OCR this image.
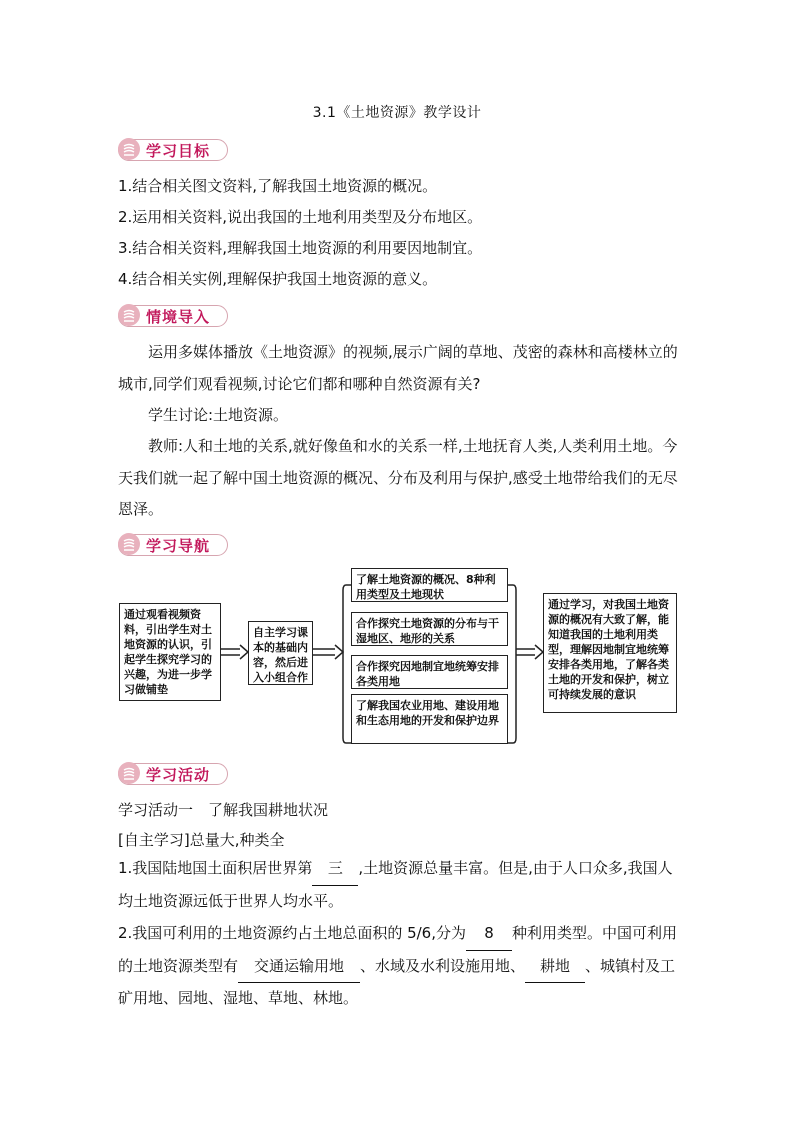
3.1《土地资源》教学设计
学习目标
1.结合相关图文资料,了解我国土地资源的概况。
2.运用相关资料,说出我国的土地利用类型及分布地区。
3.结合相关资料,理解我国土地资源的利用要因地制宜。
4.结合相关实例,理解保护我国土地资源的意义。
情境导入
运用多媒体播放《土地资源》的视频,展示广阔的草地、茂密的森林和高楼林立的城市,同学们观看视频,讨论它们都和哪种自然资源有关?
学生讨论:土地资源。
教师:人和土地的关系,就好像鱼和水的关系一样,土地抚育人类,人类利用土地。今天我们就一起了解中国土地资源的概况、分布及利用与保护,感受土地带给我们的无尽恩泽。
学习导航
通过观看视频资料，引出学生对土地资源的认识，引起学生探究学习的兴趣，为进一步学习做铺垫
自主学习课本的基础内容，然后进入小组合作
了解土地资源的概况、8种利用类型及土地现状
合作探究土地资源的分布与干湿地区、地形的关系
合作探究因地制宜地统筹安排各类用地
了解我国农业用地、建设用地和生态用地的开发和保护边界
通过学习，对我国土地资源的概况有大致了解，能知道我国的土地利用类型，理解因地制宜地统筹安排各类用地，了解各类土地的开发和保护，树立可持续发展的意识
学习活动
学习活动一　了解我国耕地状况
[自主学习]总量大,种类全
1.我国陆地国土面积居世界第 三 ,土地资源总量丰富。但是,由于人口众多,我国人均土地资源远低于世界人均水平。
2.我国可利用的土地资源约占土地总面积的 5/6,分为 8 种利用类型。中国可利用的土地资源类型有 交通运输用地 、水域及水利设施用地、 耕地 、城镇村及工矿用地、园地、湿地、草地、林地。
